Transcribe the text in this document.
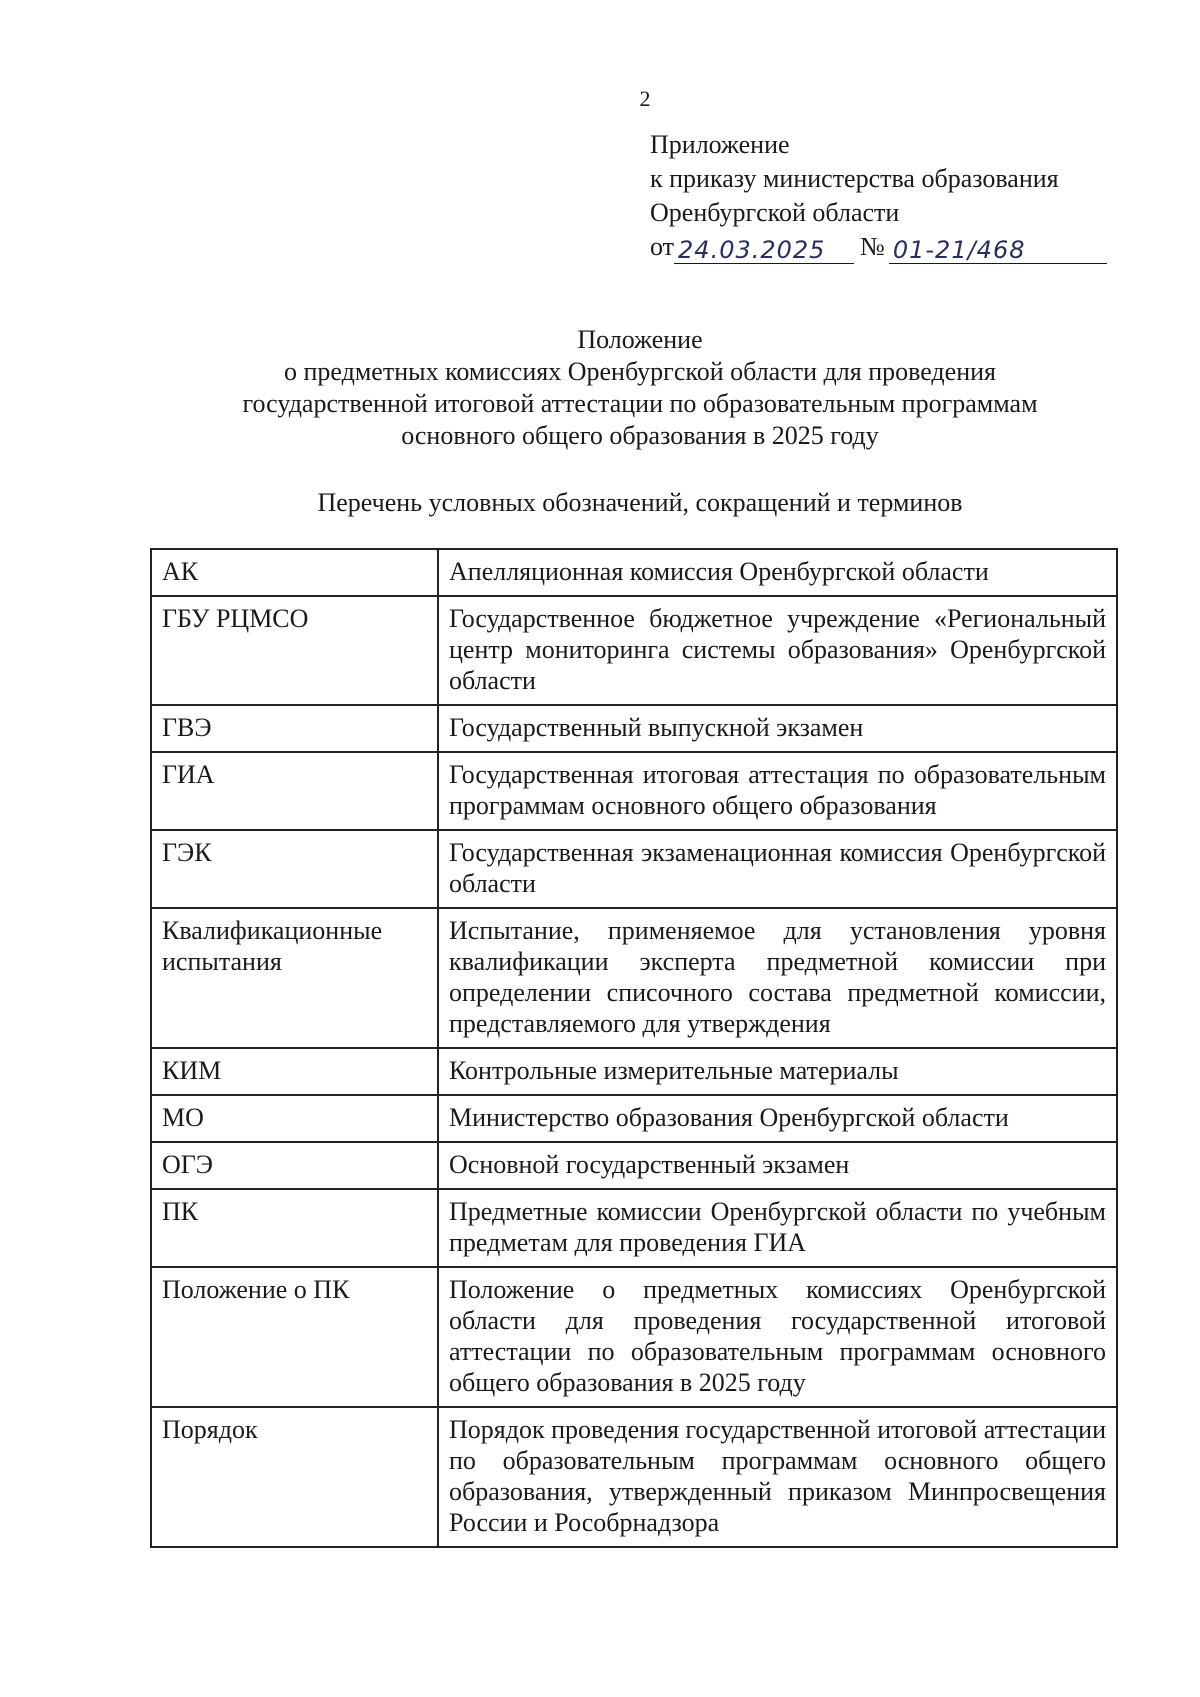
2
Приложение
к приказу министерства образования
Оренбургской области
от 24.03.2025	№ 01-21/468
Положение
о предметных комиссиях Оренбургской области для проведения
государственной итоговой аттестации по образовательным программам
основного общего образования в 2025 году
Перечень условных обозначений, сокращений и терминов
АК	Апелляционная комиссия Оренбургской области
ГБУ РЦМСО	Государственное бюджетное учреждение «Региональный центр мониторинга системы образования» Оренбургской области
ГВЭ	Государственный выпускной экзамен
ГИА	Государственная итоговая аттестация по образовательным программам основного общего образования
ГЭК	Государственная экзаменационная комиссия Оренбургской области
Квалификационные испытания	Испытание, применяемое для установления уровня квалификации эксперта предметной комиссии при определении списочного состава предметной комиссии, представляемого для утверждения
КИМ	Контрольные измерительные материалы
МО	Министерство образования Оренбургской области
ОГЭ	Основной государственный экзамен
ПК	Предметные комиссии Оренбургской области по учебным предметам для проведения ГИА
Положение о ПК	Положение о предметных комиссиях Оренбургской области для проведения государственной итоговой аттестации по образовательным программам основного общего образования в 2025 году
Порядок	Порядок проведения государственной итоговой аттестации по образовательным программам основного общего образования, утвержденный приказом Минпросвещения России и Рособрнадзора
